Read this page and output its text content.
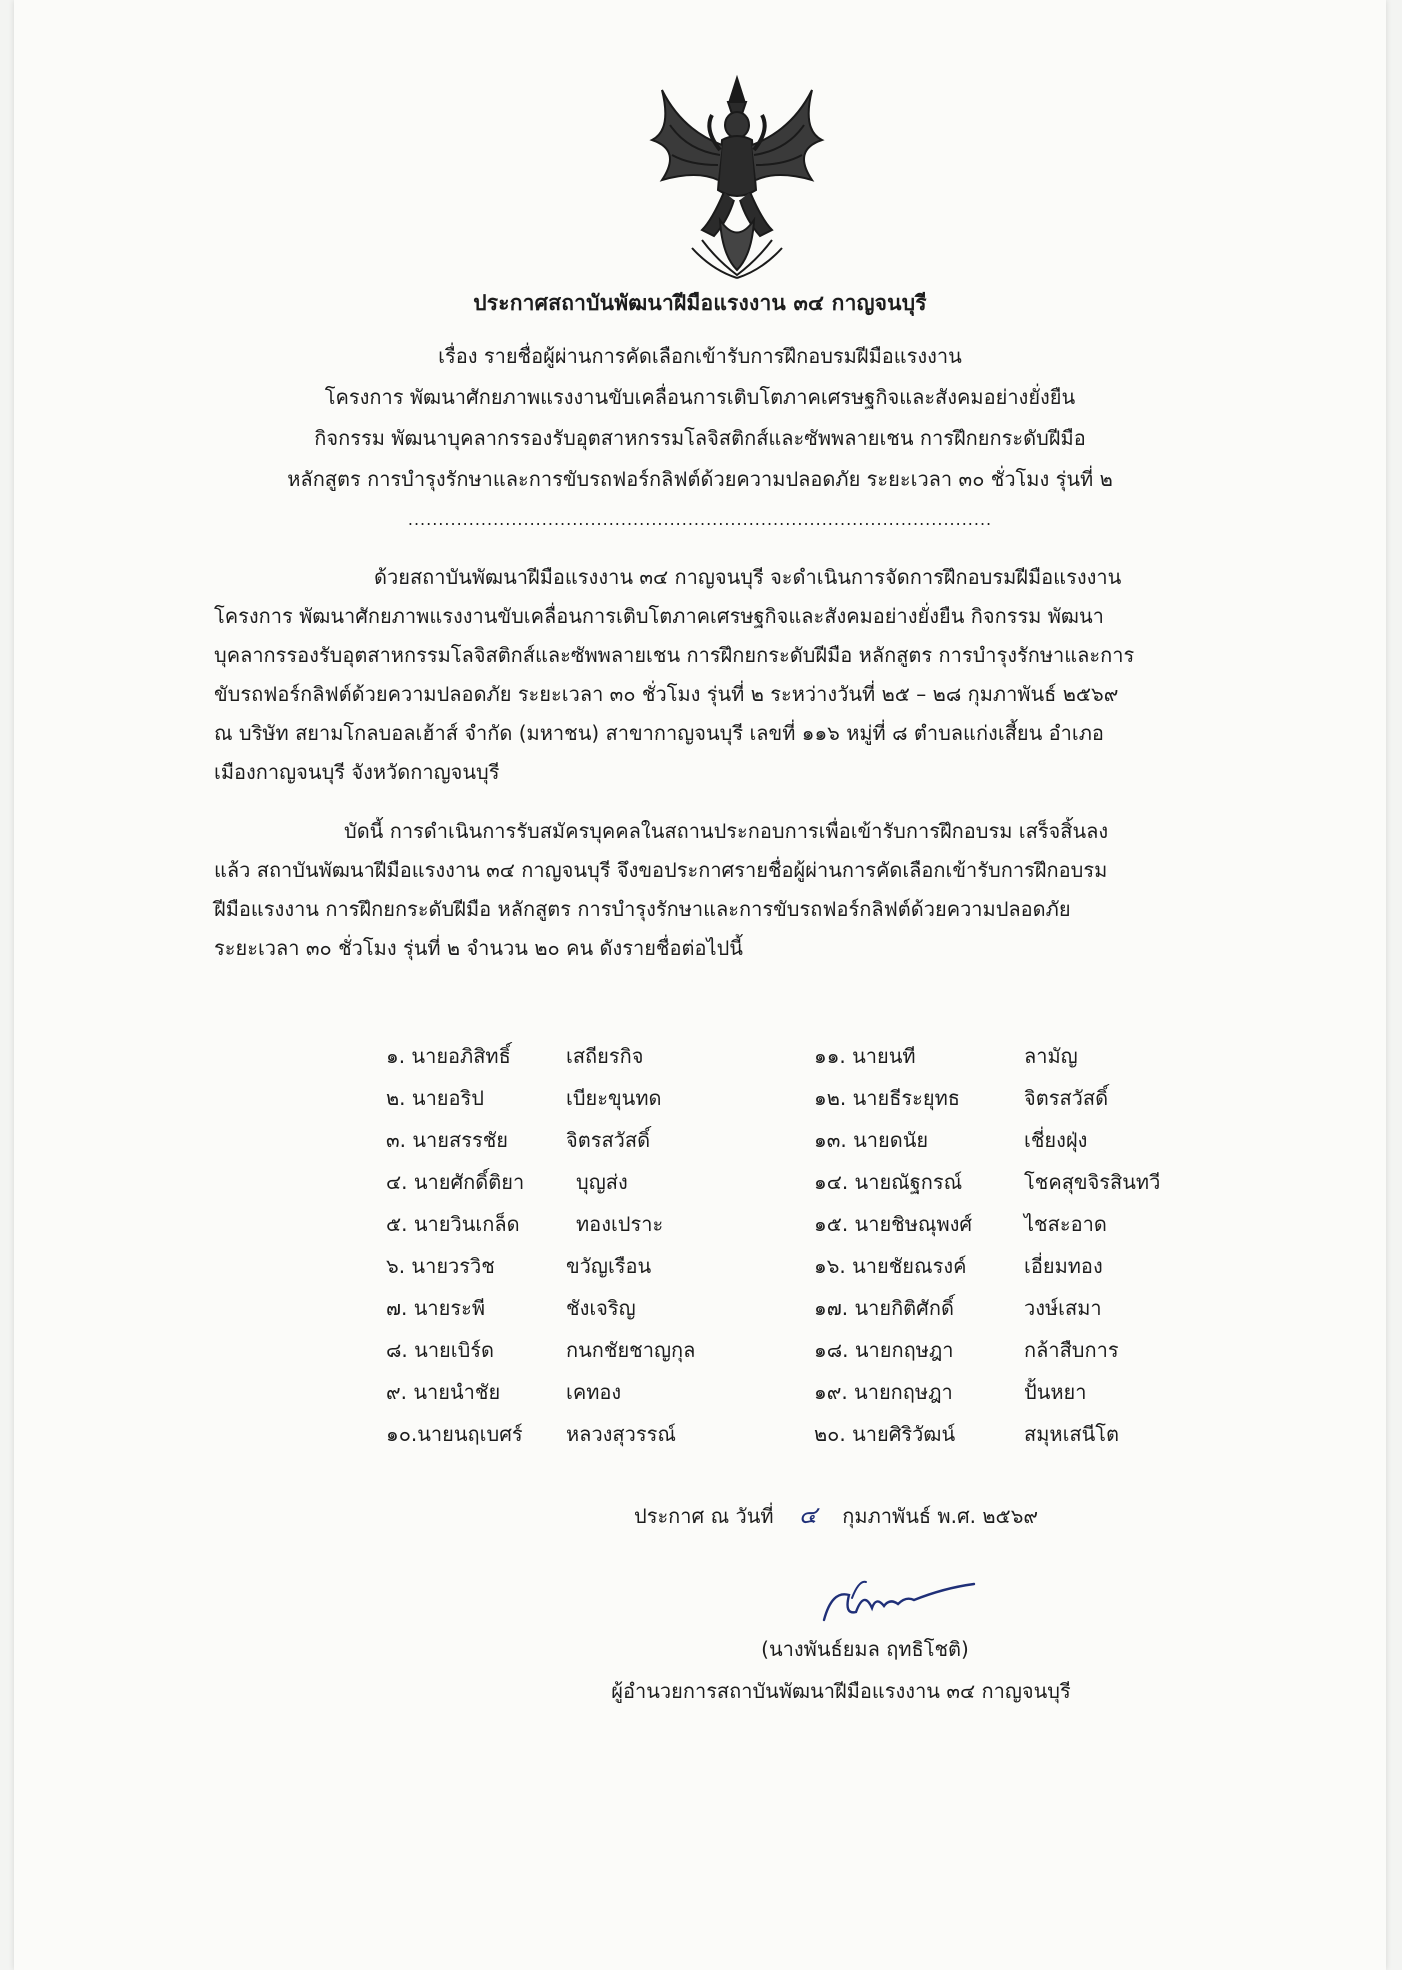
ประกาศสถาบันพัฒนาฝีมือแรงงาน ๓๔ กาญจนบุรี
เรื่อง รายชื่อผู้ผ่านการคัดเลือกเข้ารับการฝึกอบรมฝีมือแรงงาน
โครงการ พัฒนาศักยภาพแรงงานขับเคลื่อนการเติบโตภาคเศรษฐกิจและสังคมอย่างยั่งยืน
กิจกรรม พัฒนาบุคลากรรองรับอุตสาหกรรมโลจิสติกส์และซัพพลายเชน การฝึกยกระดับฝีมือ
หลักสูตร การบำรุงรักษาและการขับรถฟอร์กลิฟต์ด้วยความปลอดภัย ระยะเวลา ๓๐ ชั่วโมง รุ่นที่ ๒
................................................................................................
ด้วยสถาบันพัฒนาฝีมือแรงงาน ๓๔ กาญจนบุรี จะดำเนินการจัดการฝึกอบรมฝีมือแรงงาน
โครงการ พัฒนาศักยภาพแรงงานขับเคลื่อนการเติบโตภาคเศรษฐกิจและสังคมอย่างยั่งยืน กิจกรรม พัฒนา
บุคลากรรองรับอุตสาหกรรมโลจิสติกส์และซัพพลายเชน การฝึกยกระดับฝีมือ หลักสูตร การบำรุงรักษาและการ
ขับรถฟอร์กลิฟต์ด้วยความปลอดภัย ระยะเวลา ๓๐ ชั่วโมง รุ่นที่ ๒ ระหว่างวันที่ ๒๕ – ๒๘ กุมภาพันธ์ ๒๕๖๙
ณ บริษัท สยามโกลบอลเฮ้าส์ จำกัด (มหาชน) สาขากาญจนบุรี เลขที่ ๑๑๖ หมู่ที่ ๘ ตำบลแก่งเสี้ยน อำเภอ
เมืองกาญจนบุรี จังหวัดกาญจนบุรี
บัดนี้ การดำเนินการรับสมัครบุคคลในสถานประกอบการเพื่อเข้ารับการฝึกอบรม เสร็จสิ้นลง
แล้ว สถาบันพัฒนาฝีมือแรงงาน ๓๔ กาญจนบุรี จึงขอประกาศรายชื่อผู้ผ่านการคัดเลือกเข้ารับการฝึกอบรม
ฝีมือแรงงาน การฝึกยกระดับฝีมือ หลักสูตร การบำรุงรักษาและการขับรถฟอร์กลิฟต์ด้วยความปลอดภัย
ระยะเวลา ๓๐ ชั่วโมง รุ่นที่ ๒ จำนวน ๒๐ คน ดังรายชื่อต่อไปนี้
๑. นายอภิสิทธิ์	เสถียรกิจ
๒. นายอริป	เบียะขุนทด
๓. นายสรรชัย	จิตรสวัสดิ์
๔. นายศักดิ์ติยา	บุญส่ง
๕. นายวินเกล็ด	ทองเปราะ
๖. นายวรวิช	ขวัญเรือน
๗. นายระพี	ชังเจริญ
๘. นายเบิร์ด	กนกชัยชาญกุล
๙. นายนำชัย	เคทอง
๑๐.นายนฤเบศร์ หลวงสุวรรณ์
๑๑. นายนที	ลามัญ
๑๒. นายธีระยุทธ	จิตรสวัสดิ์
๑๓. นายดนัย	เชี่ยงฝุ่ง
๑๔. นายณัฐกรณ์	โชคสุขจิรสินทวี
๑๕. นายชิษณุพงศ์	ไชสะอาด
๑๖. นายชัยณรงค์	เอี่ยมทอง
๑๗. นายกิติศักดิ์	วงษ์เสมา
๑๘. นายกฤษฎา	กล้าสืบการ
๑๙. นายกฤษฎา	ปั้นหยา
๒๐. นายศิริวัฒน์	สมุหเสนีโต
ประกาศ ณ วันที่ ๔ กุมภาพันธ์ พ.ศ. ๒๕๖๙
(นางพันธ์ยมล ฤทธิโชติ)
ผู้อำนวยการสถาบันพัฒนาฝีมือแรงงาน ๓๔ กาญจนบุรี
